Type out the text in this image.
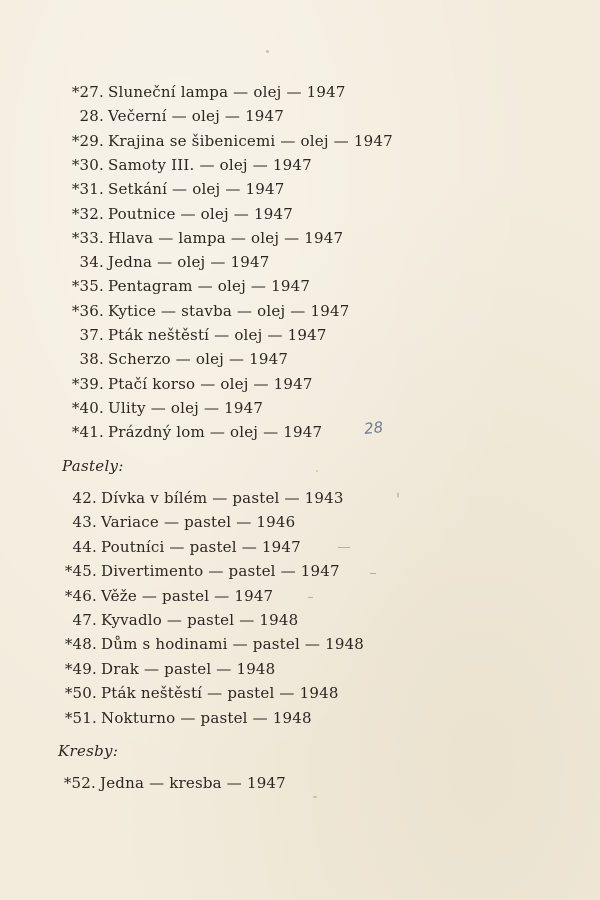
*27. Sluneční lampa — olej — 1947
28. Večerní — olej — 1947
*29. Krajina se šibenicemi — olej — 1947
*30. Samoty III. — olej — 1947
*31. Setkání — olej — 1947
*32. Poutnice — olej — 1947
*33. Hlava — lampa — olej — 1947
34. Jedna — olej — 1947
*35. Pentagram — olej — 1947
*36. Kytice — stavba — olej — 1947
37. Pták neštěstí — olej — 1947
38. Scherzo — olej — 1947
*39. Ptačí korso — olej — 1947
*40. Ulity — olej — 1947
*41. Prázdný lom — olej — 1947
42. Dívka v bílém — pastel — 1943
43. Variace — pastel — 1946
44. Poutníci — pastel — 1947
*45. Divertimento — pastel — 1947
*46. Věže — pastel — 1947
47. Kyvadlo — pastel — 1948
*48. Dům s hodinami — pastel — 1948
*49. Drak — pastel — 1948
*50. Pták neštěstí — pastel — 1948
*51. Nokturno — pastel — 1948
*52. Jedna — kresba — 1947
Pastely:
Kresby:
28
